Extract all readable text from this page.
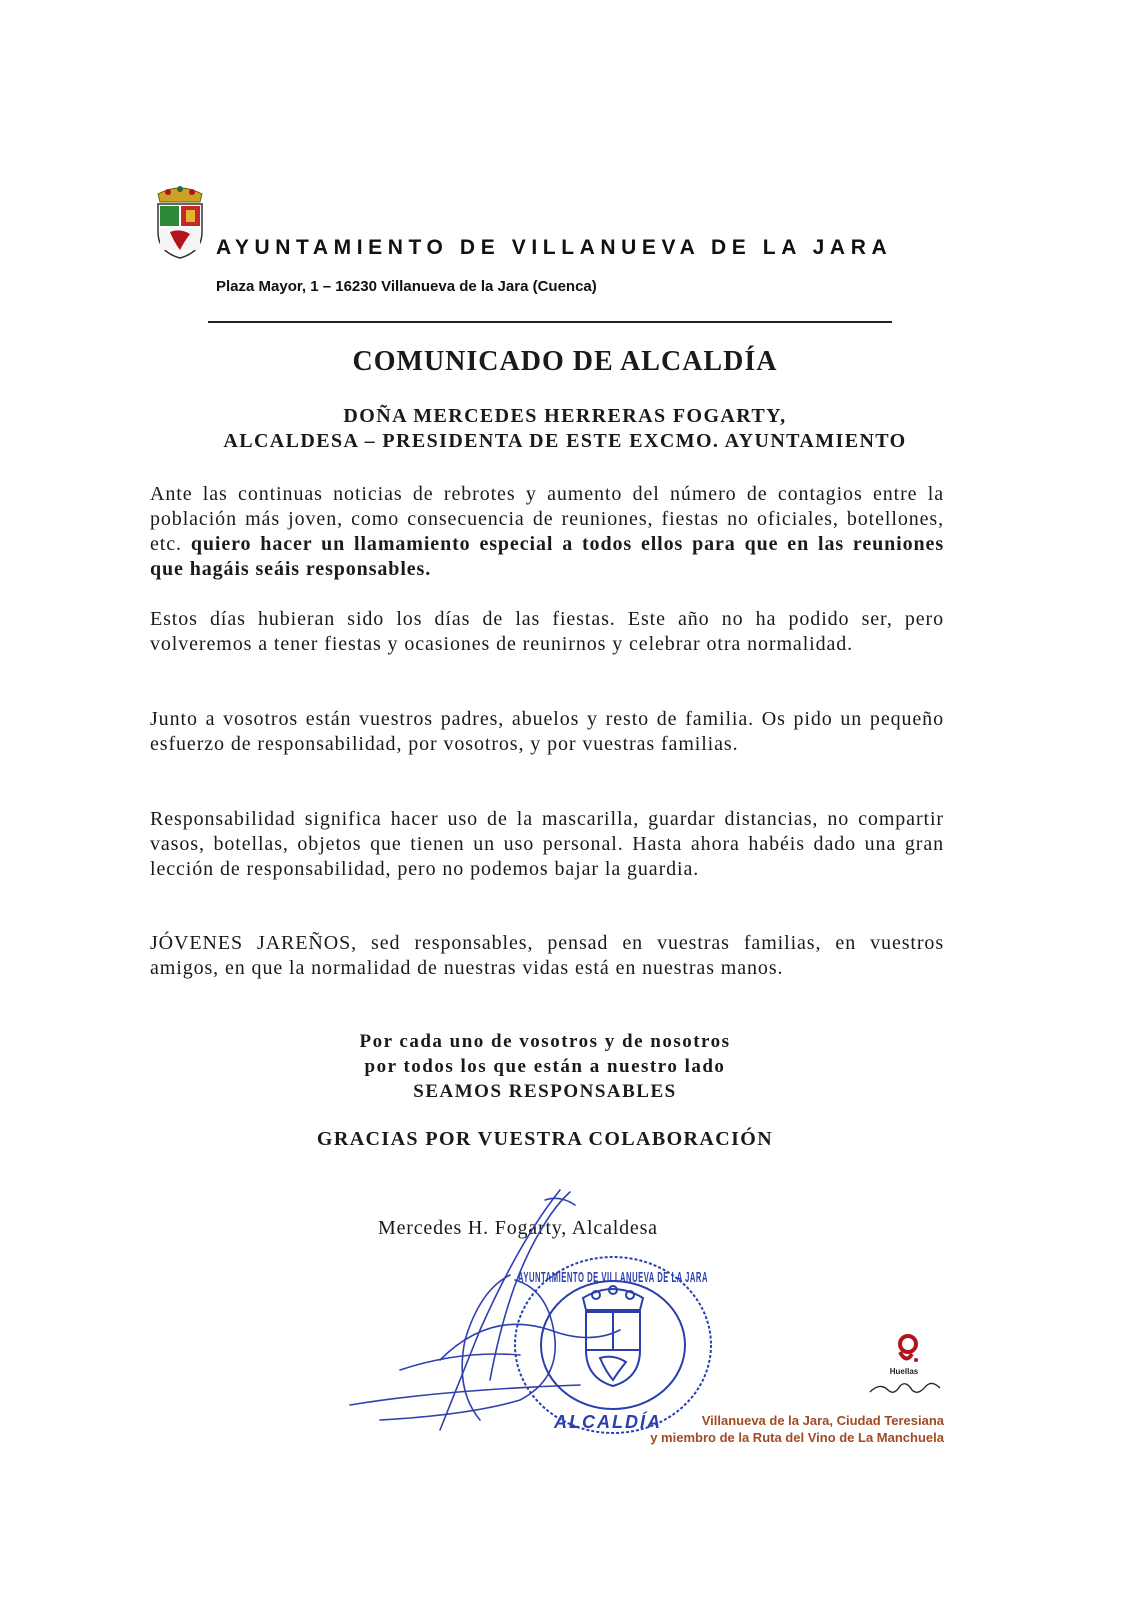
AYUNTAMIENTO DE VILLANUEVA DE LA JARA
Plaza Mayor, 1 – 16230 Villanueva de la Jara (Cuenca)
COMUNICADO DE ALCALDÍA
DOÑA MERCEDES HERRERAS FOGARTY,
ALCALDESA – PRESIDENTA DE ESTE EXCMO. AYUNTAMIENTO
Ante las continuas noticias de rebrotes y aumento del número de contagios entre la población más joven, como consecuencia de reuniones, fiestas no oficiales, botellones, etc. quiero hacer un llamamiento especial a todos ellos para que en las reuniones que hagáis seáis responsables.
Estos días hubieran sido los días de las fiestas. Este año no ha podido ser, pero volveremos a tener fiestas y ocasiones de reunirnos y celebrar otra normalidad.
Junto a vosotros están vuestros padres, abuelos y resto de familia. Os pido un pequeño esfuerzo de responsabilidad, por vosotros, y por vuestras familias.
Responsabilidad significa hacer uso de la mascarilla, guardar distancias, no compartir vasos, botellas, objetos que tienen un uso personal. Hasta ahora habéis dado una gran lección de responsabilidad, pero no podemos bajar la guardia.
JÓVENES JAREÑOS, sed responsables, pensad en vuestras familias, en vuestros amigos, en que la normalidad de nuestras vidas está en nuestras manos.
Por cada uno de vosotros y de nosotros
por todos los que están a nuestro lado
SEAMOS RESPONSABLES
GRACIAS POR VUESTRA COLABORACIÓN
Mercedes H. Fogarty, Alcaldesa
AYUNTAMIENTO DE VILLANUEVA DE LA JARA
ALCALDÍA
Huellas
Villanueva de la Jara, Ciudad Teresiana
y miembro de la Ruta del Vino de La Manchuela
